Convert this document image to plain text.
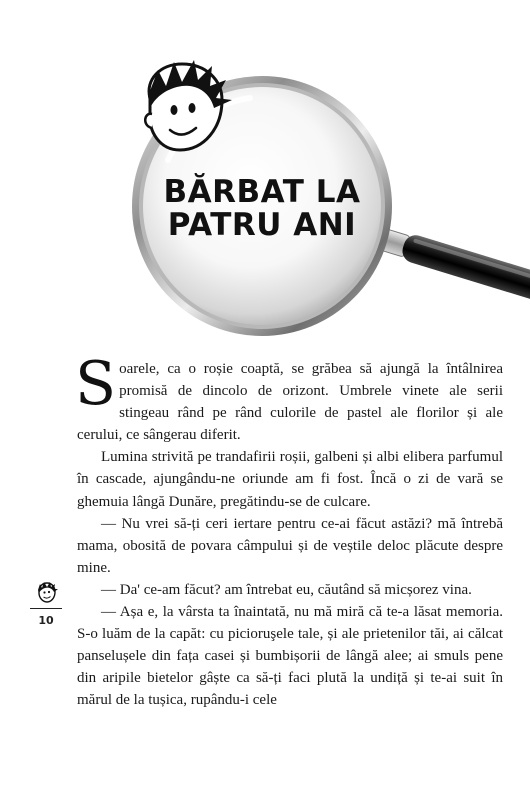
BĂRBAT LA
PATRU ANI

Soarele, ca o roșie coaptă, se grăbea să ajungă la întâlnirea promisă de dincolo de orizont. Umbrele vinete ale serii stingeau rând pe rând culorile de pastel ale florilor și ale cerului, ce sângerau diferit.

Lumina strivită pe trandafirii roșii, galbeni și albi elibera parfumul în cascade, ajungându-ne oriunde am fi fost. Încă o zi de vară se ghemuia lângă Dunăre, pregătindu-se de culcare.

— Nu vrei să-ți ceri iertare pentru ce-ai făcut astăzi? mă întrebă mama, obosită de povara câmpului și de veștile deloc plăcute despre mine.

— Da' ce-am făcut? am întrebat eu, căutând să micșorez vina.

— Așa e, la vârsta ta înaintată, nu mă miră că te-a lăsat memoria. S-o luăm de la capăt: cu picioruşele tale, și ale prietenilor tăi, ai călcat panselușele din fața casei și bumbișorii de lângă alee; ai smuls pene din aripile bietelor gâște ca să-ți faci plută la undiță și te-ai suit în mărul de la tușica, rupându-i cele

10
